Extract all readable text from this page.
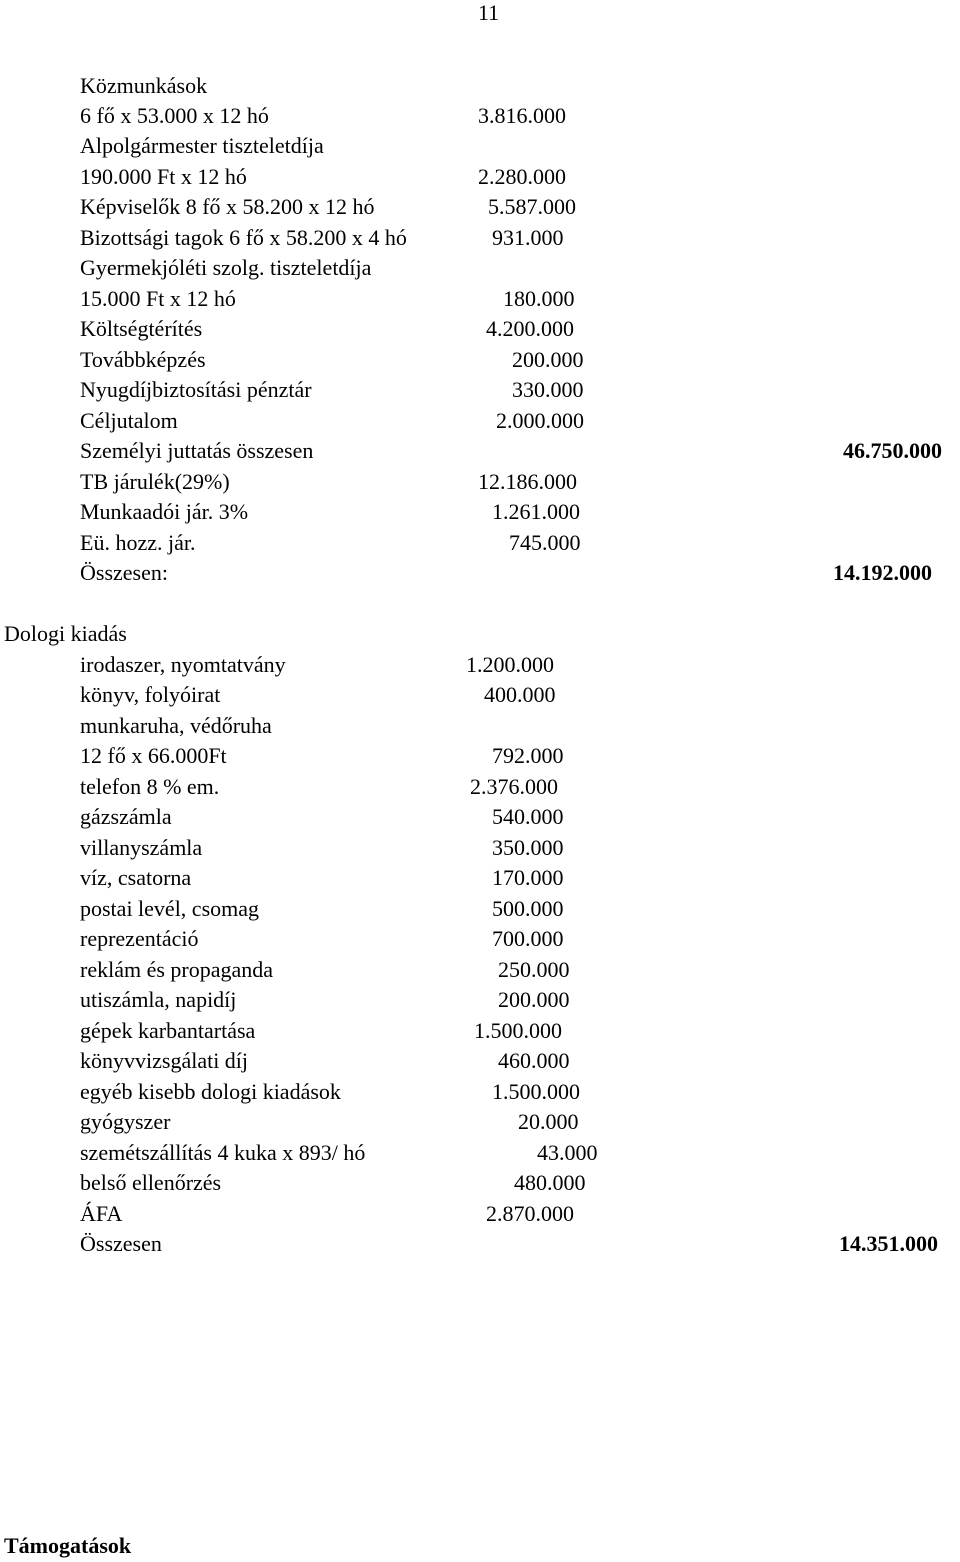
11
Közmunkások
6 fő x 53.000 x 12 hó	3.816.000
Alpolgármester tiszteletdíja
190.000 Ft x 12 hó	2.280.000
Képviselők 8 fő x 58.200 x 12 hó	5.587.000
Bizottsági tagok 6 fő x 58.200 x 4 hó	931.000
Gyermekjóléti szolg. tiszteletdíja
15.000 Ft x 12 hó	180.000
Költségtérítés	4.200.000
Továbbképzés	200.000
Nyugdíjbiztosítási pénztár	330.000
Céljutalom	2.000.000
Személyi juttatás összesen	46.750.000
TB járulék(29%)	12.186.000
Munkaadói jár. 3%	1.261.000
Eü. hozz. jár.	745.000
Összesen:	14.192.000
Dologi kiadás
irodaszer, nyomtatvány	1.200.000
könyv, folyóirat	400.000
munkaruha, védőruha
12 fő x 66.000Ft	792.000
telefon 8 % em.	2.376.000
gázszámla	540.000
villanyszámla	350.000
víz, csatorna	170.000
postai levél, csomag	500.000
reprezentáció	700.000
reklám és propaganda	250.000
utiszámla, napidíj	200.000
gépek karbantartása	1.500.000
könyvvizsgálati díj	460.000
egyéb kisebb dologi kiadások	1.500.000
gyógyszer	20.000
szemétszállítás 4 kuka x 893/ hó	43.000
belső ellenőrzés	480.000
ÁFA	2.870.000
Összesen	14.351.000
Támogatások
